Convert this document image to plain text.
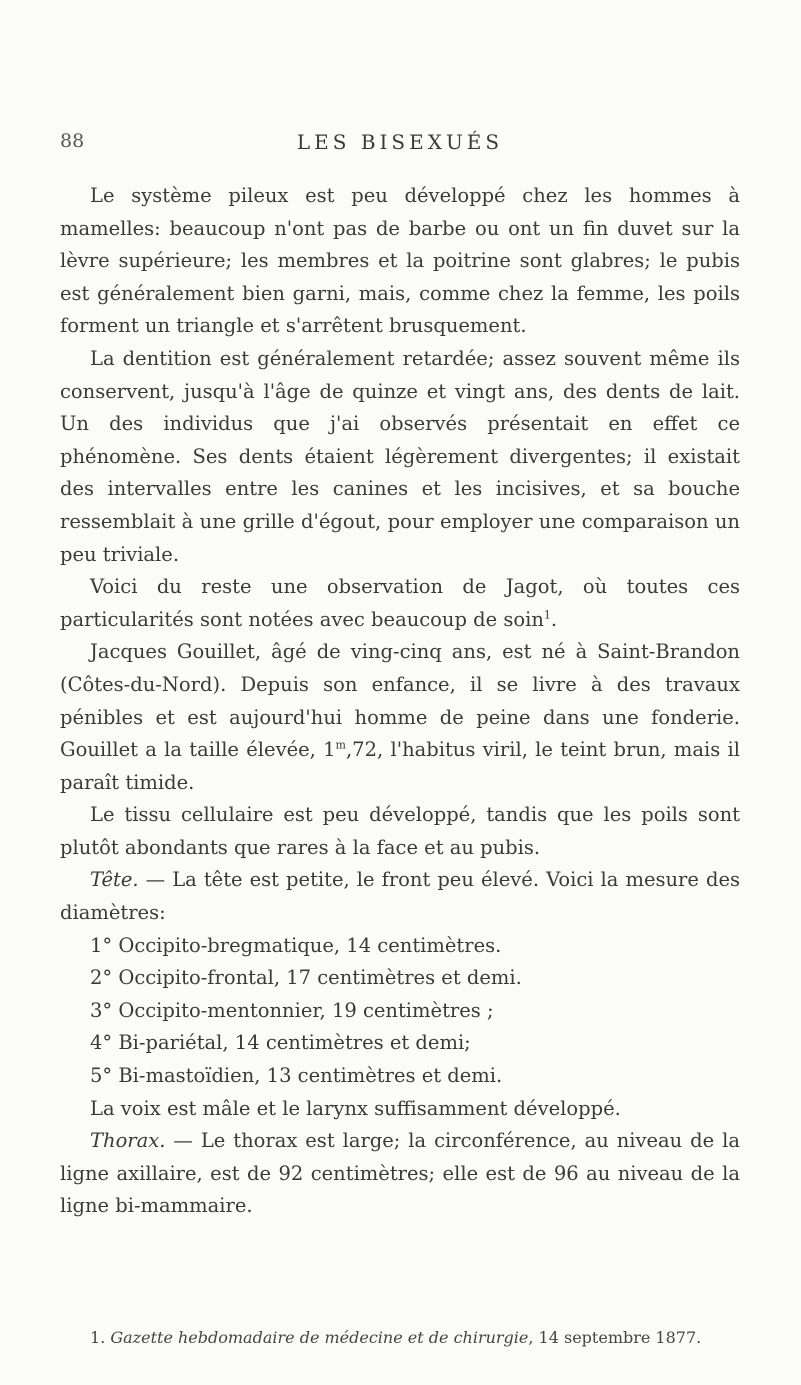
88	LES BISEXUÉS

Le système pileux est peu développé chez les hommes à mamelles: beaucoup n'ont pas de barbe ou ont un fin duvet sur la lèvre supérieure; les membres et la poitrine sont glabres; le pubis est généralement bien garni, mais, comme chez la femme, les poils forment un triangle et s'arrêtent brusquement.

La dentition est généralement retardée; assez souvent même ils conservent, jusqu'à l'âge de quinze et vingt ans, des dents de lait. Un des individus que j'ai observés présentait en effet ce phénomène. Ses dents étaient légèrement divergentes; il existait des intervalles entre les canines et les incisives, et sa bouche ressemblait à une grille d'égout, pour employer une comparaison un peu triviale.

Voici du reste une observation de Jagot, où toutes ces particularités sont notées avec beaucoup de soin$^1$.

Jacques Gouillet, âgé de ving-cinq ans, est né à Saint-Brandon (Côtes-du-Nord). Depuis son enfance, il se livre à des travaux pénibles et est aujourd'hui homme de peine dans une fonderie. Gouillet a la taille élevée, 1$^m$,72, l'habitus viril, le teint brun, mais il paraît timide.

Le tissu cellulaire est peu développé, tandis que les poils sont plutôt abondants que rares à la face et au pubis.

Tête. — La tête est petite, le front peu élevé. Voici la mesure des diamètres:

1° Occipito-bregmatique, 14 centimètres.

2° Occipito-frontal, 17 centimètres et demi.

3° Occipito-mentonnier, 19 centimètres ;

4° Bi-pariétal, 14 centimètres et demi;

5° Bi-mastoïdien, 13 centimètres et demi.

La voix est mâle et le larynx suffisamment développé.

Thorax. — Le thorax est large; la circonférence, au niveau de la ligne axillaire, est de 92 centimètres; elle est de 96 au niveau de la ligne bi-mammaire.

1. Gazette hebdomadaire de médecine et de chirurgie, 14 septembre 1877.
